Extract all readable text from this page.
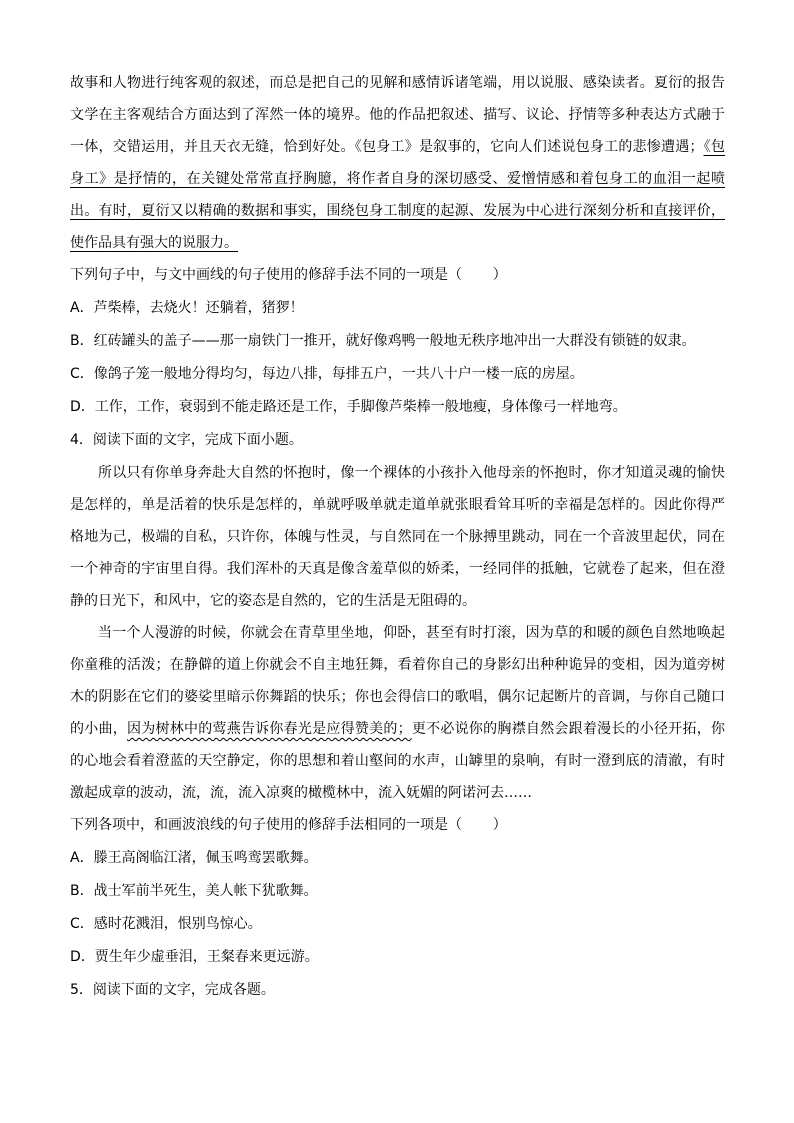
故事和人物进行纯客观的叙述，而总是把自己的见解和感情诉诸笔端，用以说服、感染读者。夏衍的报告文学在主客观结合方面达到了浑然一体的境界。他的作品把叙述、描写、议论、抒情等多种表达方式融于一体，交错运用，并且天衣无缝，恰到好处。《包身工》是叙事的，它向人们述说包身工的悲惨遭遇；《包身工》是抒情的，在关键处常常直抒胸臆，将作者自身的深切感受、爱憎情感和着包身工的血泪一起喷出。有时，夏衍又以精确的数据和事实，围绕包身工制度的起源、发展为中心进行深刻分析和直接评价，使作品具有强大的说服力。

下列句子中，与文中画线的句子使用的修辞手法不同的一项是（ ）

A．芦柴棒，去烧火！还躺着，猪猡！

B．红砖罐头的盖子——那一扇铁门一推开，就好像鸡鸭一般地无秩序地冲出一大群没有锁链的奴隶。

C．像鸽子笼一般地分得均匀，每边八排，每排五户，一共八十户一楼一底的房屋。

D．工作，工作，衰弱到不能走路还是工作，手脚像芦柴棒一般地瘦，身体像弓一样地弯。

4．阅读下面的文字，完成下面小题。

所以只有你单身奔赴大自然的怀抱时，像一个裸体的小孩扑入他母亲的怀抱时，你才知道灵魂的愉快是怎样的，单是活着的快乐是怎样的，单就呼吸单就走道单就张眼看耸耳听的幸福是怎样的。因此你得严格地为己，极端的自私，只许你，体魄与性灵，与自然同在一个脉搏里跳动，同在一个音波里起伏，同在一个神奇的宇宙里自得。我们浑朴的天真是像含羞草似的娇柔，一经同伴的抵触，它就卷了起来，但在澄静的日光下，和风中，它的姿态是自然的，它的生活是无阻碍的。

当一个人漫游的时候，你就会在青草里坐地，仰卧，甚至有时打滚，因为草的和暖的颜色自然地唤起你童稚的活泼；在静僻的道上你就会不自主地狂舞，看着你自己的身影幻出种种诡异的变相，因为道旁树木的阴影在它们的婆娑里暗示你舞蹈的快乐；你也会得信口的歌唱，偶尔记起断片的音调，与你自己随口的小曲，因为树林中的莺燕告诉你春光是应得赞美的；更不必说你的胸襟自然会跟着漫长的小径开拓，你的心地会看着澄蓝的天空静定，你的思想和着山壑间的水声，山罅里的泉响，有时一澄到底的清澈，有时激起成章的波动，流，流，流入凉爽的橄榄林中，流入妩媚的阿诺河去……

下列各项中，和画波浪线的句子使用的修辞手法相同的一项是（ ）

A．滕王高阁临江渚，佩玉鸣鸾罢歌舞。

B．战士军前半死生，美人帐下犹歌舞。

C．感时花溅泪，恨别鸟惊心。

D．贾生年少虚垂泪，王粲春来更远游。

5．阅读下面的文字，完成各题。
